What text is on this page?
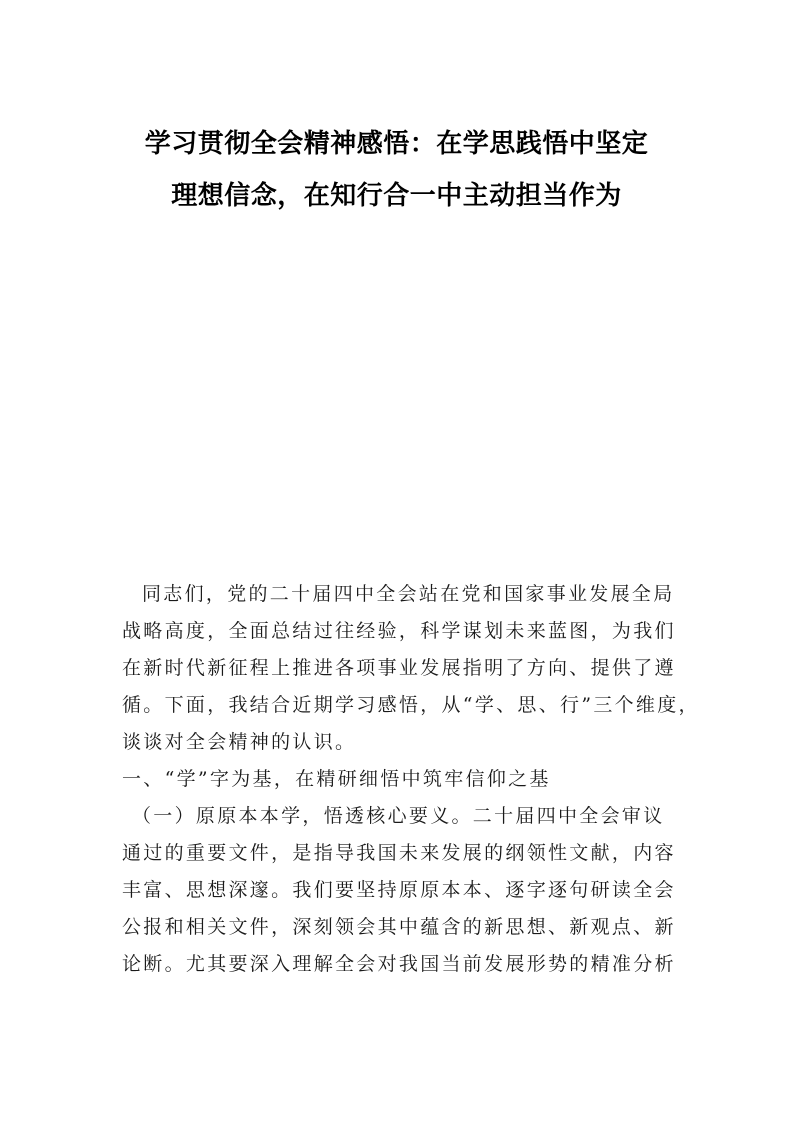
学习贯彻全会精神感悟：在学思践悟中坚定
理想信念，在知行合一中主动担当作为
同志们，党的二十届四中全会站在党和国家事业发展全局
战略高度，全面总结过往经验，科学谋划未来蓝图，为我们
在新时代新征程上推进各项事业发展指明了方向、提供了遵
循。下面，我结合近期学习感悟，从“学、思、行”三个维度，
谈谈对全会精神的认识。
一、“学”字为基，在精研细悟中筑牢信仰之基
（一）原原本本学，悟透核心要义。二十届四中全会审议
通过的重要文件，是指导我国未来发展的纲领性文献，内容
丰富、思想深邃。我们要坚持原原本本、逐字逐句研读全会
公报和相关文件，深刻领会其中蕴含的新思想、新观点、新
论断。尤其要深入理解全会对我国当前发展形势的精准分析
